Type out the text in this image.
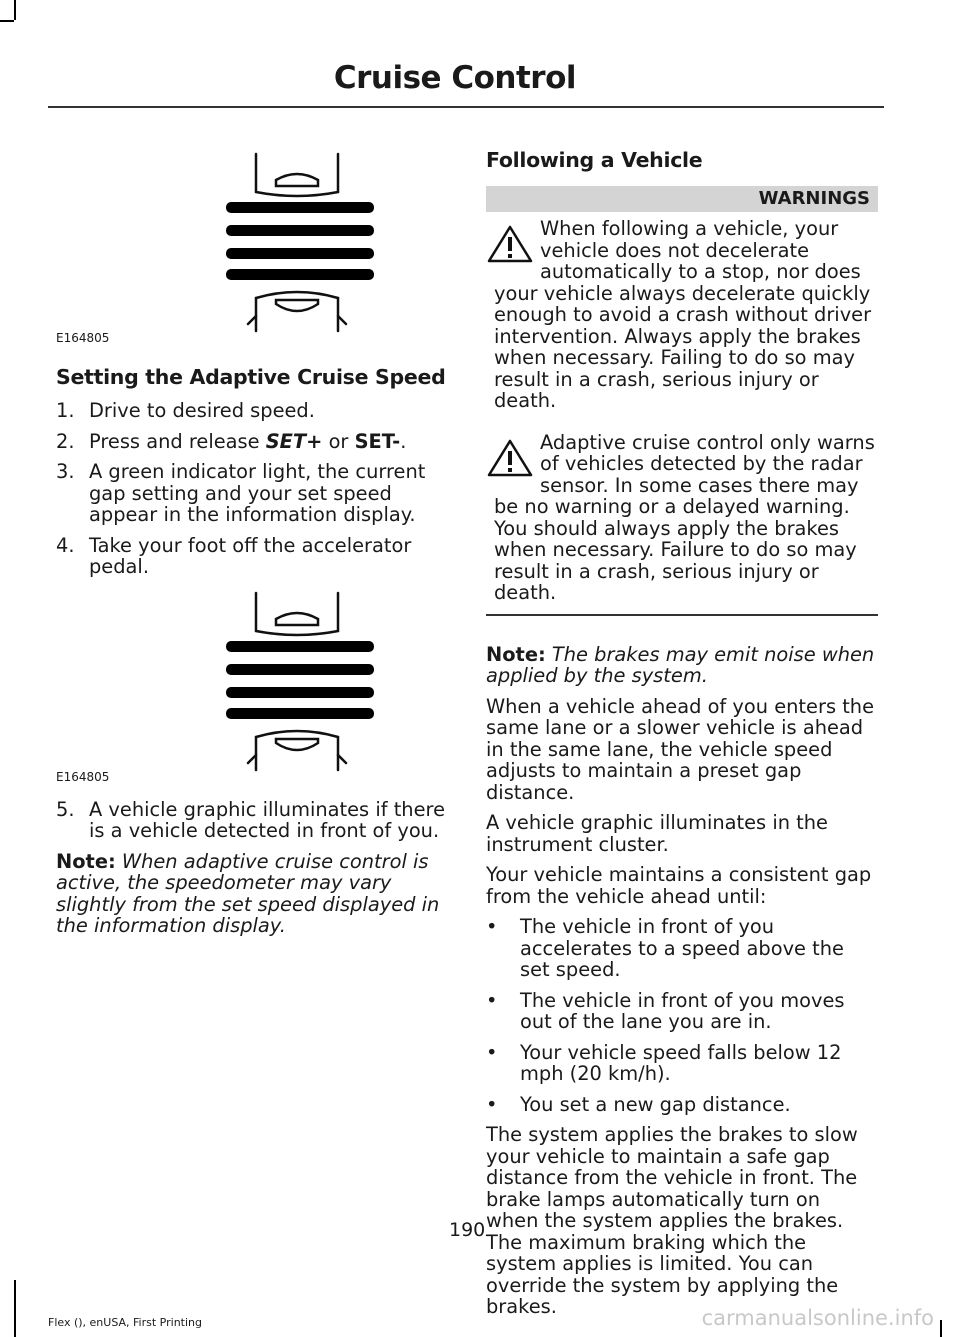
Cruise Control
E164805
Setting the Adaptive Cruise Speed
1. Drive to desired speed.
2. Press and release SET+ or SET-.
3. A green indicator light, the current gap setting and your set speed appear in the information display.
4. Take your foot off the accelerator pedal.
E164805
5. A vehicle graphic illuminates if there is a vehicle detected in front of you.

Note: When adaptive cruise control is active, the speedometer may vary slightly from the set speed displayed in the information display.

Following a Vehicle
WARNINGS

When following a vehicle, your vehicle does not decelerate automatically to a stop, nor does your vehicle always decelerate quickly enough to avoid a crash without driver intervention. Always apply the brakes when necessary. Failing to do so may result in a crash, serious injury or death.

Adaptive cruise control only warns of vehicles detected by the radar sensor. In some cases there may be no warning or a delayed warning. You should always apply the brakes when necessary. Failure to do so may result in a crash, serious injury or death.

Note: The brakes may emit noise when applied by the system.

When a vehicle ahead of you enters the same lane or a slower vehicle is ahead in the same lane, the vehicle speed adjusts to maintain a preset gap distance.

A vehicle graphic illuminates in the instrument cluster.

Your vehicle maintains a consistent gap from the vehicle ahead until:

• The vehicle in front of you accelerates to a speed above the set speed.
• The vehicle in front of you moves out of the lane you are in.
• Your vehicle speed falls below 12 mph (20 km/h).
• You set a new gap distance.

The system applies the brakes to slow your vehicle to maintain a safe gap distance from the vehicle in front. The brake lamps automatically turn on when the system applies the brakes. The maximum braking which the system applies is limited. You can override the system by applying the brakes.

190
Flex (), enUSA, First Printing	carmanualsonline.info
